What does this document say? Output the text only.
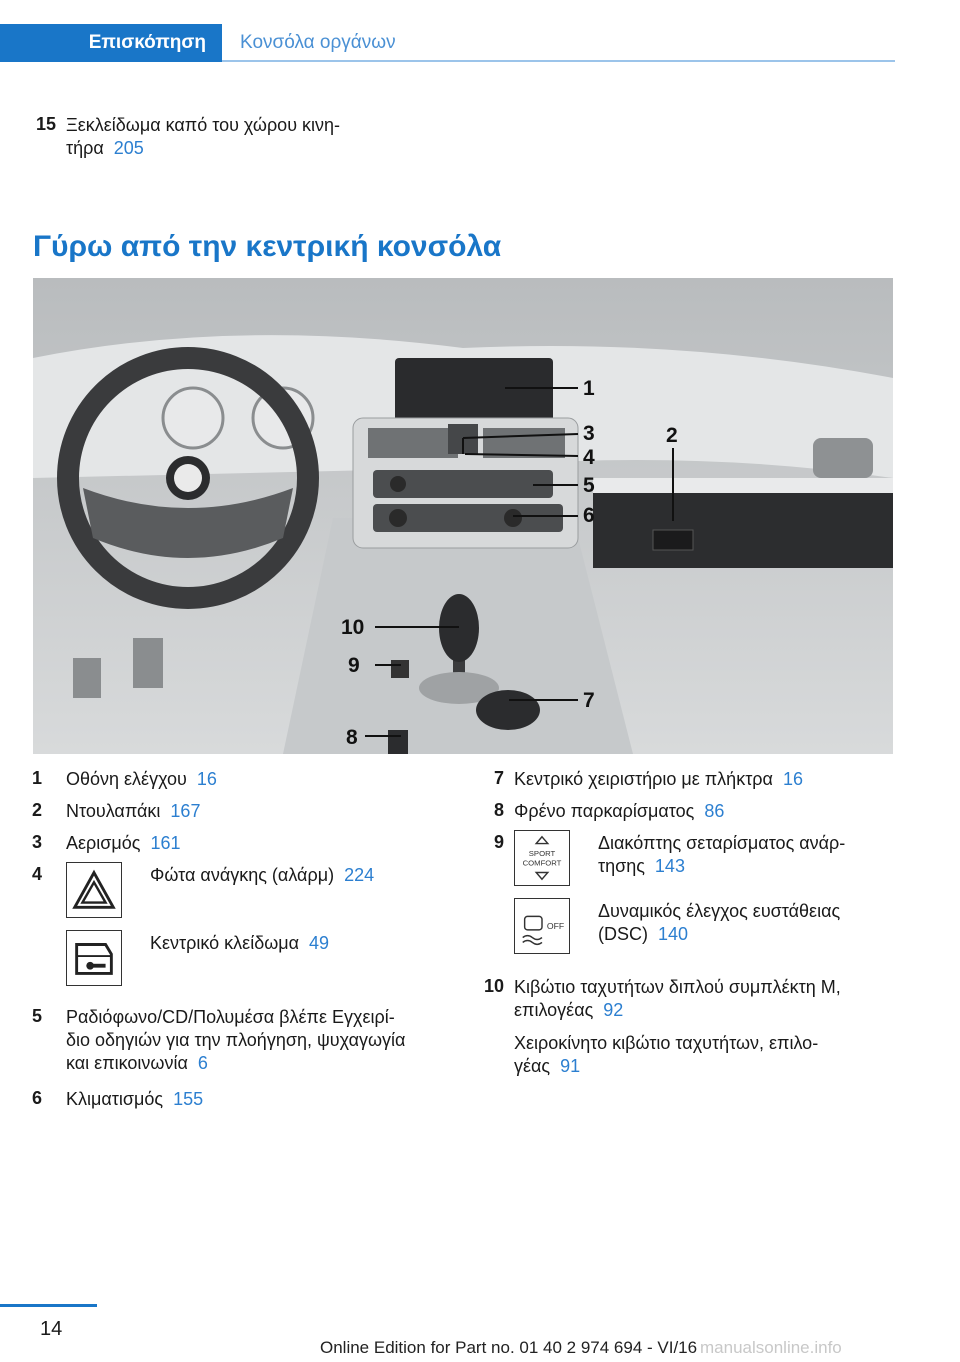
Επισκόπηση	Κονσόλα οργάνων
15 Ξεκλείδωμα καπό του χώρου κινη-
τήρα 205
Γύρω από την κεντρική κονσόλα
1
3
4
5
6
2
10
9
7
8
1 Οθόνη ελέγχου 16
2 Ντουλαπάκι 167
3 Αερισμός 161
4	Φώτα ανάγκης (αλάρμ) 224
Κεντρικό κλείδωμα 49
5 Ραδιόφωνο/CD/Πολυμέσα βλέπε Εγχειρί-
διο οδηγιών για την πλοήγηση, ψυχαγωγία
και επικοινωνία 6
6 Κλιματισμός 155
7 Κεντρικό χειριστήριο με πλήκτρα 16
8 Φρένο παρκαρίσματος 86
9
SPORT
COMFORT
Διακόπτης σεταρίσματος ανάρ-
τησης 143
OFF
Δυναμικός έλεγχος ευστάθειας
(DSC) 140
10 Κιβώτιο ταχυτήτων διπλού συμπλέκτη M,
επιλογέας 92
Χειροκίνητο κιβώτιο ταχυτήτων, επιλο-
γέας 91
14
Online Edition for Part no. 01 40 2 974 694 - VI/16 manualsonline.info
